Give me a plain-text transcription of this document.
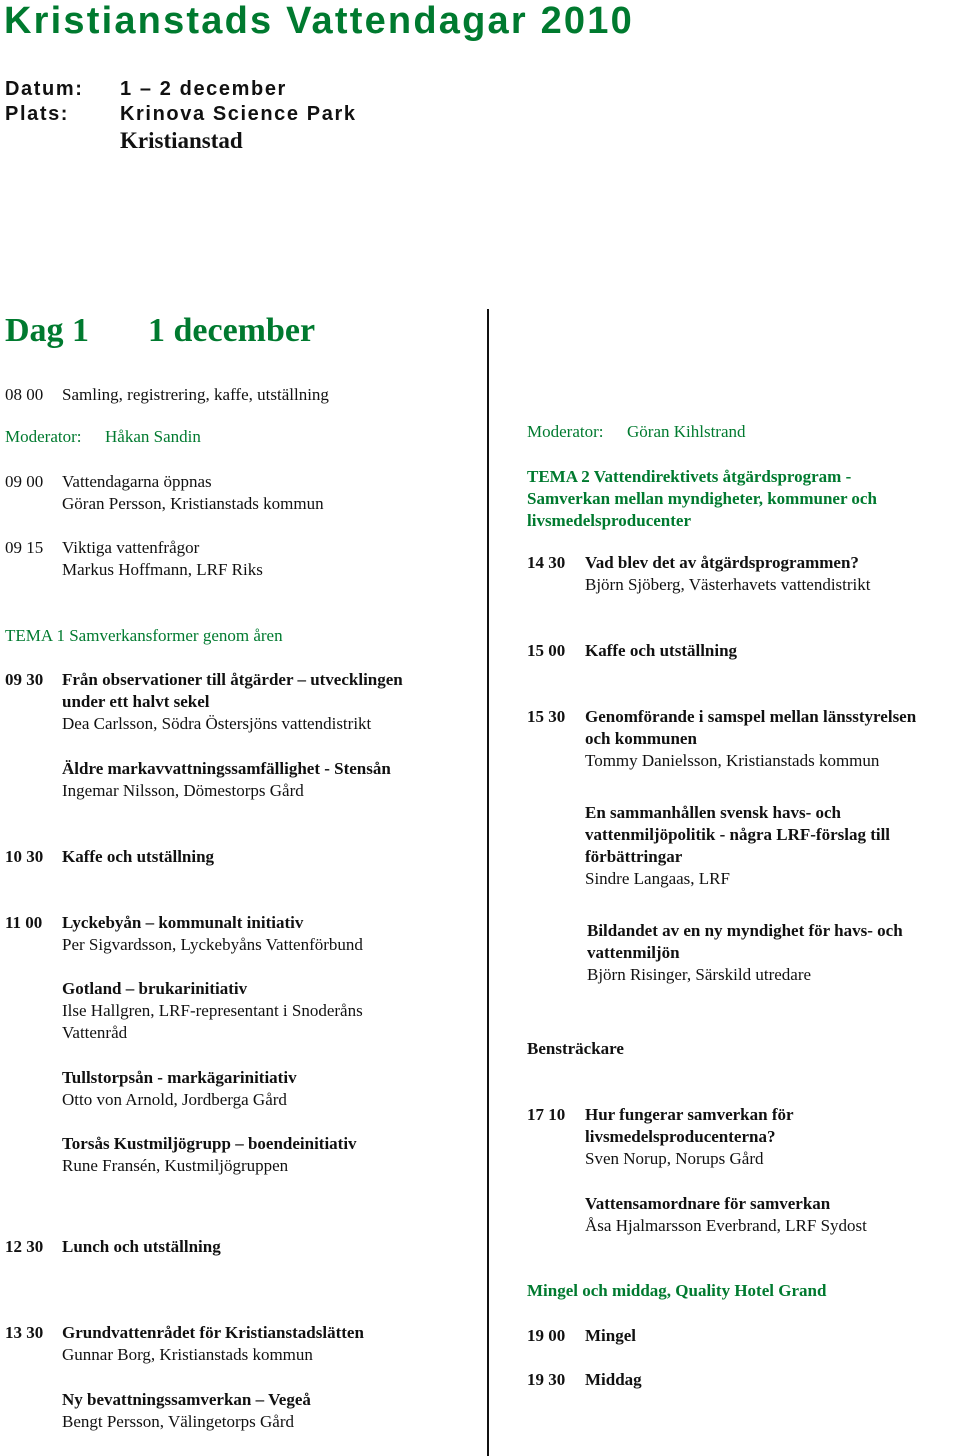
Kristianstads Vattendagar 2010
Datum: 1 – 2 december
Plats:	Krinova Science Park
Kristianstad
Dag 1 1 december
08 00 Samling, registrering, kaffe, utställning
Moderator: Håkan Sandin
09 00 Vattendagarna öppnas
Göran Persson, Kristianstads kommun
09 15 Viktiga vattenfrågor
Markus Hoffmann, LRF Riks
TEMA 1 Samverkansformer genom åren
09 30 Från observationer till åtgärder – utvecklingen
under ett halvt sekel
Dea Carlsson, Södra Östersjöns vattendistrikt
Äldre markavvattningssamfällighet - Stensån
Ingemar Nilsson, Dömestorps Gård
10 30 Kaffe och utställning
11 00 Lyckebyån – kommunalt initiativ
Per Sigvardsson, Lyckebyåns Vattenförbund
Gotland – brukarinitiativ
Ilse Hallgren, LRF-representant i Snoderåns
Vattenråd
Tullstorpsån - markägarinitiativ
Otto von Arnold, Jordberga Gård
Torsås Kustmiljögrupp – boendeinitiativ
Rune Fransén, Kustmiljögruppen
12 30 Lunch och utställning
13 30 Grundvattenrådet för Kristianstadslätten
Gunnar Borg, Kristianstads kommun
Ny bevattningssamverkan – Vegeå
Bengt Persson, Välingetorps Gård
Moderator: Göran Kihlstrand
TEMA 2 Vattendirektivets åtgärdsprogram -
Samverkan mellan myndigheter, kommuner och
livsmedelsproducenter
14 30 Vad blev det av åtgärdsprogrammen?
Björn Sjöberg, Västerhavets vattendistrikt
15 00 Kaffe och utställning
15 30 Genomförande i samspel mellan länsstyrelsen
och kommunen
Tommy Danielsson, Kristianstads kommun
En sammanhållen svensk havs- och
vattenmiljöpolitik - några LRF-förslag till
förbättringar
Sindre Langaas, LRF
Bildandet av en ny myndighet för havs- och
vattenmiljön
Björn Risinger, Särskild utredare
Bensträckare
17 10 Hur fungerar samverkan för
livsmedelsproducenterna?
Sven Norup, Norups Gård
Vattensamordnare för samverkan
Åsa Hjalmarsson Everbrand, LRF Sydost
Mingel och middag, Quality Hotel Grand
19 00 Mingel
19 30 Middag
